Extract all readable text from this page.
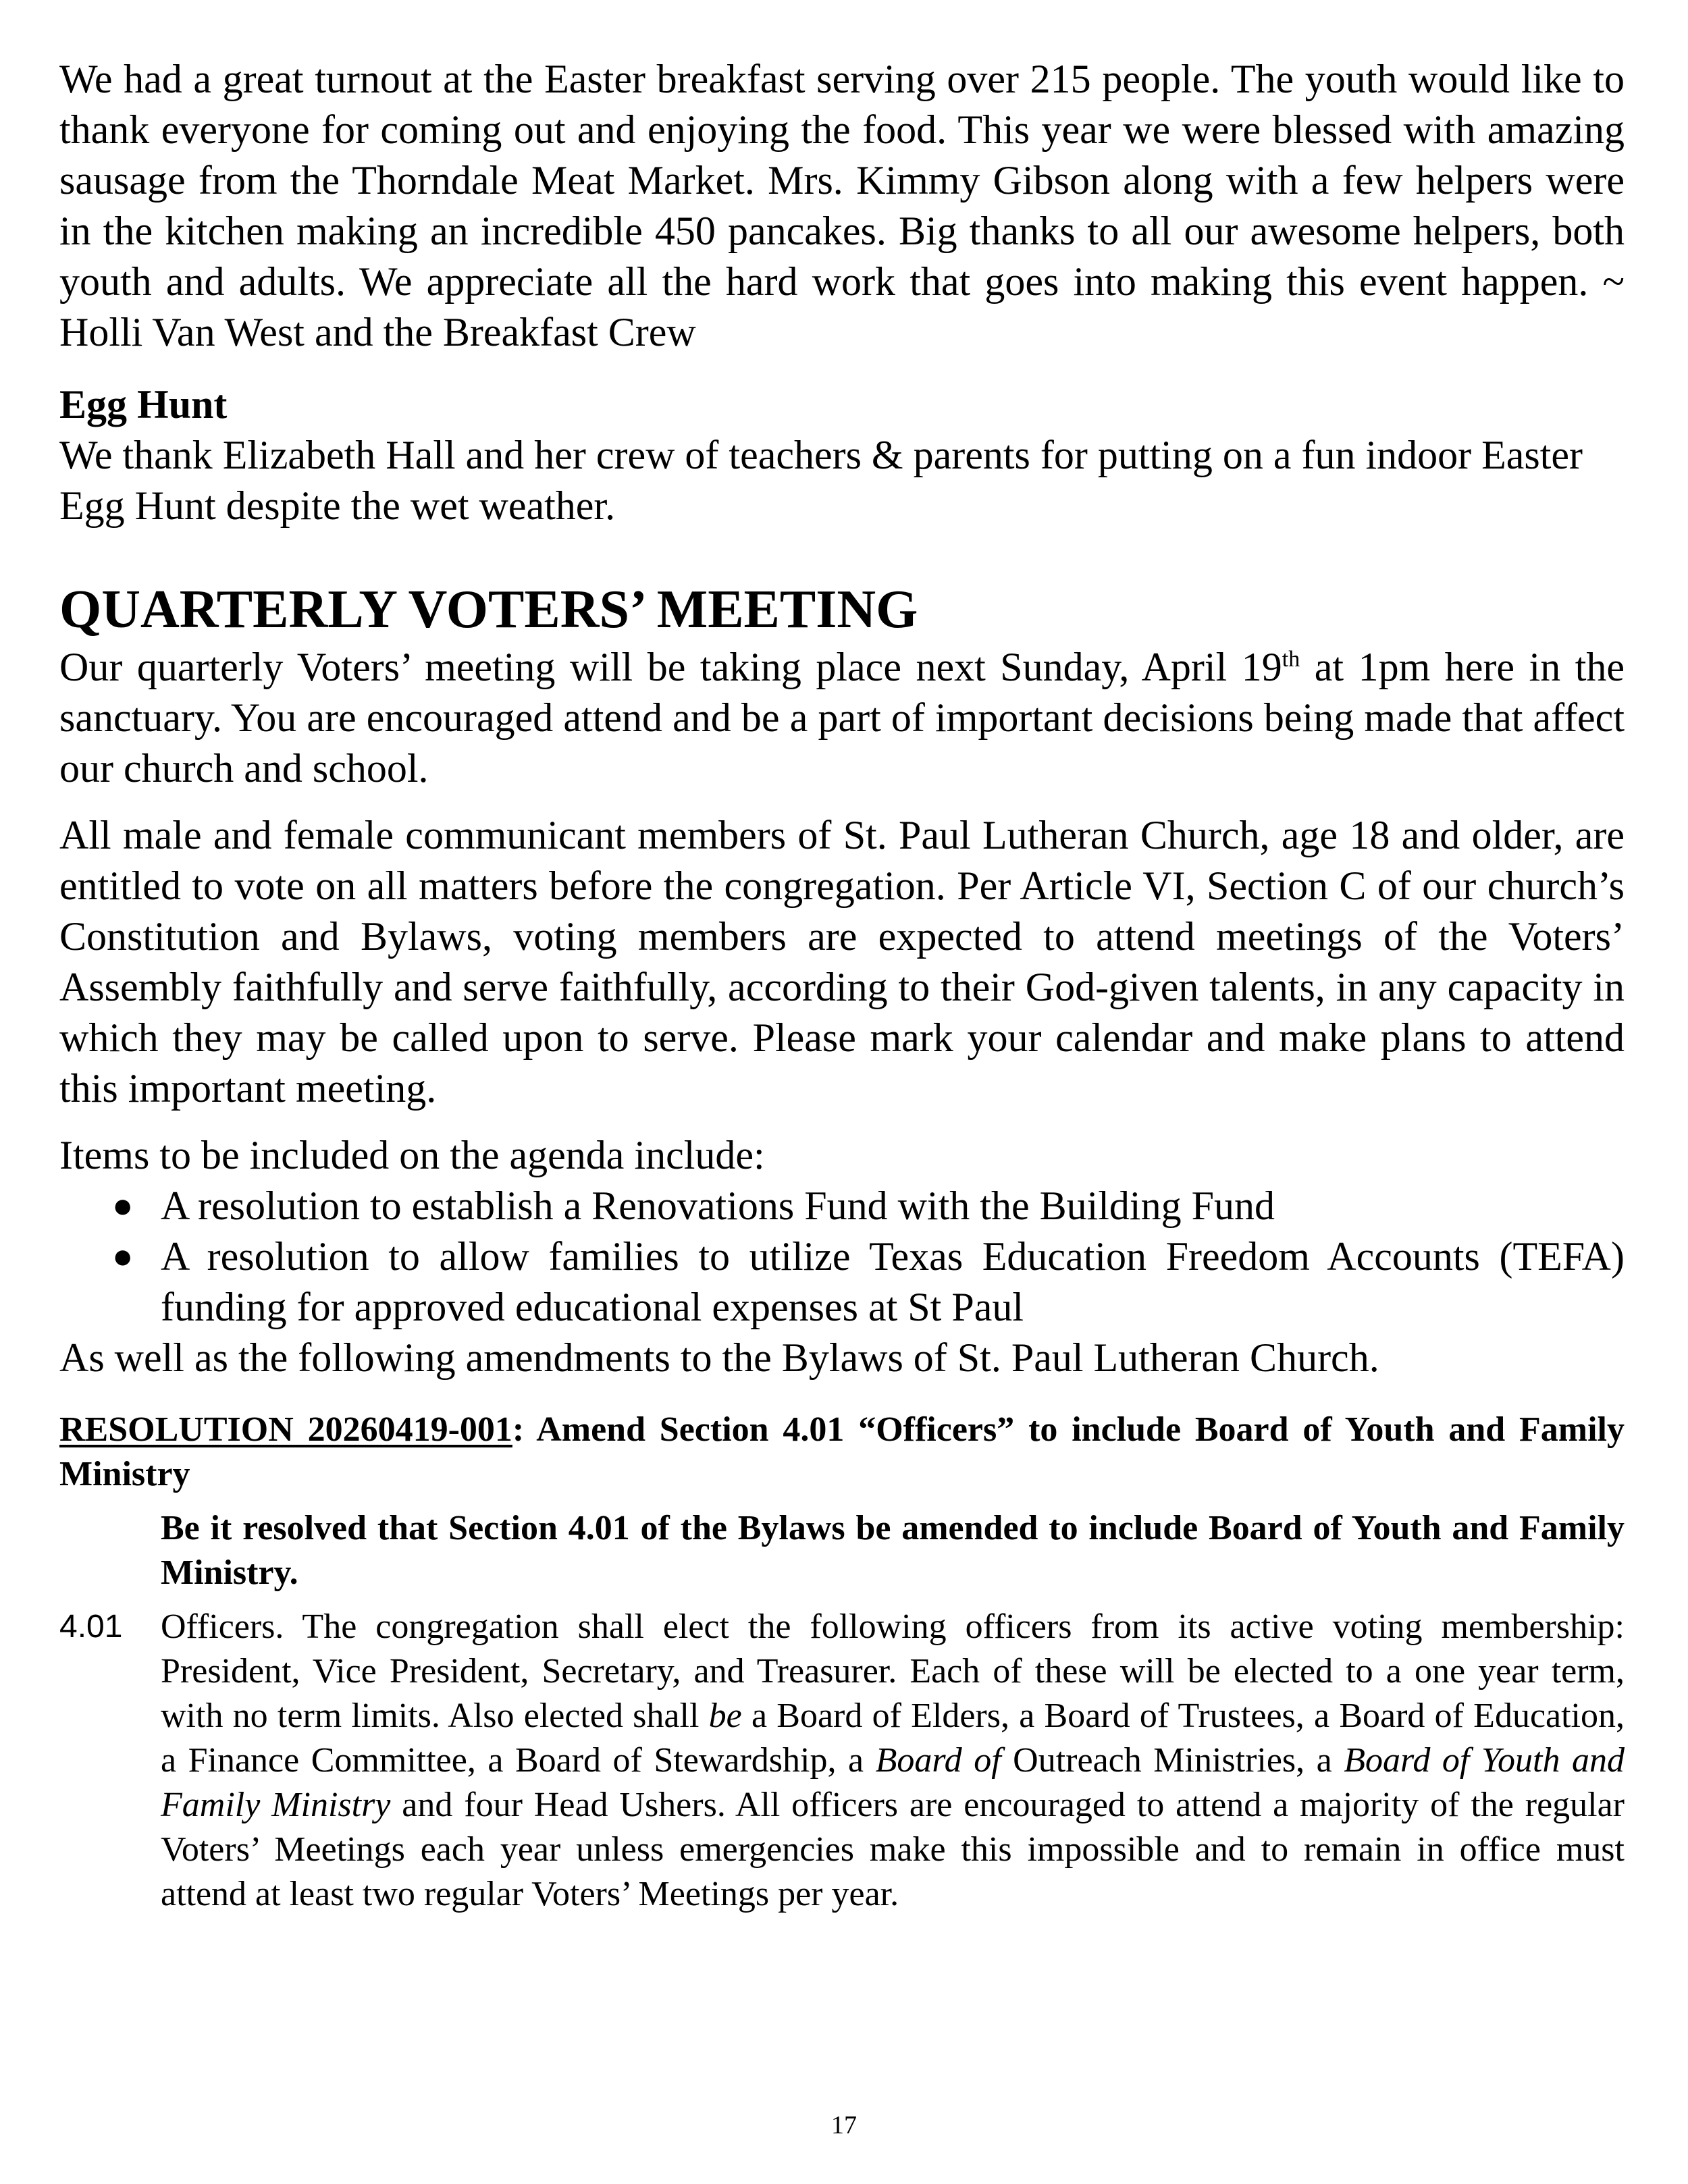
We had a great turnout at the Easter breakfast serving over 215 people. The youth would like to thank everyone for coming out and enjoying the food. This year we were blessed with amazing sausage from the Thorndale Meat Market. Mrs. Kimmy Gibson along with a few helpers were in the kitchen making an incredible 450 pancakes. Big thanks to all our awesome helpers, both youth and adults. We appreciate all the hard work that goes into making this event happen. ~ Holli Van West and the Breakfast Crew

Egg Hunt

We thank Elizabeth Hall and her crew of teachers & parents for putting on a fun indoor Easter Egg Hunt despite the wet weather.

QUARTERLY VOTERS’ MEETING

Our quarterly Voters’ meeting will be taking place next Sunday, April 19th at 1pm here in the sanctuary. You are encouraged attend and be a part of important decisions being made that affect our church and school.

All male and female communicant members of St. Paul Lutheran Church, age 18 and older, are entitled to vote on all matters before the congregation. Per Article VI, Section C of our church’s Constitution and Bylaws, voting members are expected to attend meetings of the Voters’ Assembly faithfully and serve faithfully, according to their God-given talents, in any capacity in which they may be called upon to serve. Please mark your calendar and make plans to attend this important meeting.

Items to be included on the agenda include:

● A resolution to establish a Renovations Fund with the Building Fund
● A resolution to allow families to utilize Texas Education Freedom Accounts (TEFA) funding for approved educational expenses at St Paul

As well as the following amendments to the Bylaws of St. Paul Lutheran Church.

RESOLUTION 20260419-001: Amend Section 4.01 “Officers” to include Board of Youth and Family Ministry

Be it resolved that Section 4.01 of the Bylaws be amended to include Board of Youth and Family Ministry.

4.01 Officers. The congregation shall elect the following officers from its active voting membership: President, Vice President, Secretary, and Treasurer. Each of these will be elected to a one year term, with no term limits. Also elected shall be a Board of Elders, a Board of Trustees, a Board of Education, a Finance Committee, a Board of Stewardship, a Board of Outreach Ministries, a Board of Youth and Family Ministry and four Head Ushers. All officers are encouraged to attend a majority of the regular Voters’ Meetings each year unless emergencies make this impossible and to remain in office must attend at least two regular Voters’ Meetings per year.
17
